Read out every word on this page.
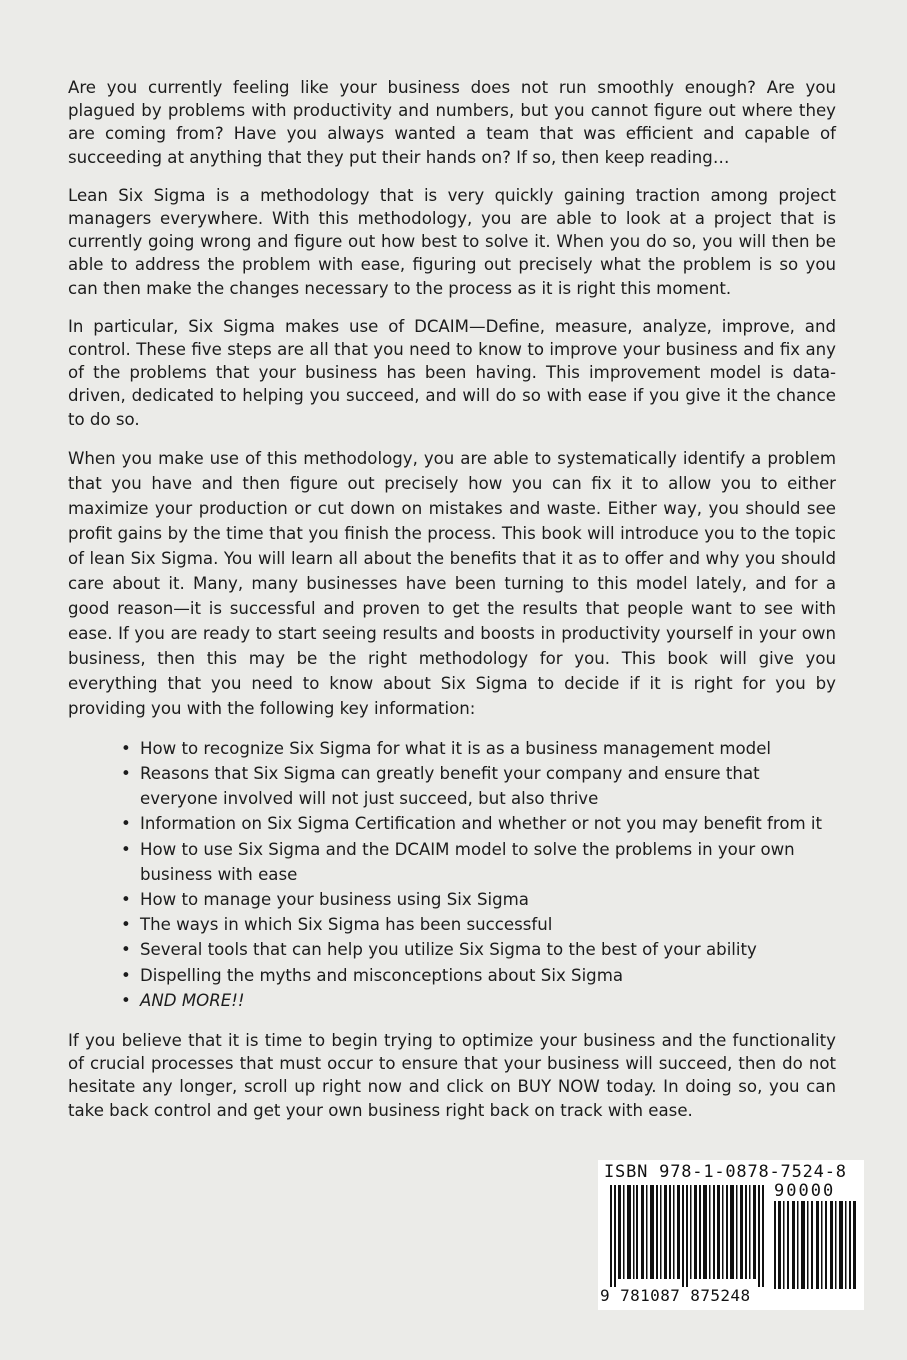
Are you currently feeling like your business does not run smoothly enough? Are you plagued by problems with productivity and numbers, but you cannot figure out where they are coming from? Have you always wanted a team that was efficient and capable of succeeding at anything that they put their hands on? If so, then keep reading…

Lean Six Sigma is a methodology that is very quickly gaining traction among project managers everywhere. With this methodology, you are able to look at a project that is currently going wrong and figure out how best to solve it. When you do so, you will then be able to address the problem with ease, figuring out precisely what the problem is so you can then make the changes necessary to the process as it is right this moment.

In particular, Six Sigma makes use of DCAIM—Define, measure, analyze, improve, and control. These five steps are all that you need to know to improve your business and fix any of the problems that your business has been having. This improvement model is data-driven, dedicated to helping you succeed, and will do so with ease if you give it the chance to do so.

When you make use of this methodology, you are able to systematically identify a problem that you have and then figure out precisely how you can fix it to allow you to either maximize your production or cut down on mistakes and waste. Either way, you should see profit gains by the time that you finish the process. This book will introduce you to the topic of lean Six Sigma. You will learn all about the benefits that it as to offer and why you should care about it. Many, many businesses have been turning to this model lately, and for a good reason—it is successful and proven to get the results that people want to see with ease. If you are ready to start seeing results and boosts in productivity yourself in your own business, then this may be the right methodology for you. This book will give you everything that you need to know about Six Sigma to decide if it is right for you by providing you with the following key information:

• How to recognize Six Sigma for what it is as a business management model
• Reasons that Six Sigma can greatly benefit your company and ensure that everyone involved will not just succeed, but also thrive
• Information on Six Sigma Certification and whether or not you may benefit from it
• How to use Six Sigma and the DCAIM model to solve the problems in your own business with ease
• How to manage your business using Six Sigma
• The ways in which Six Sigma has been successful
• Several tools that can help you utilize Six Sigma to the best of your ability
• Dispelling the myths and misconceptions about Six Sigma
• AND MORE!!

If you believe that it is time to begin trying to optimize your business and the functionality of crucial processes that must occur to ensure that your business will succeed, then do not hesitate any longer, scroll up right now and click on BUY NOW today. In doing so, you can take back control and get your own business right back on track with ease.

ISBN 978-1-0878-7524-8
90000
9 781087 875248
